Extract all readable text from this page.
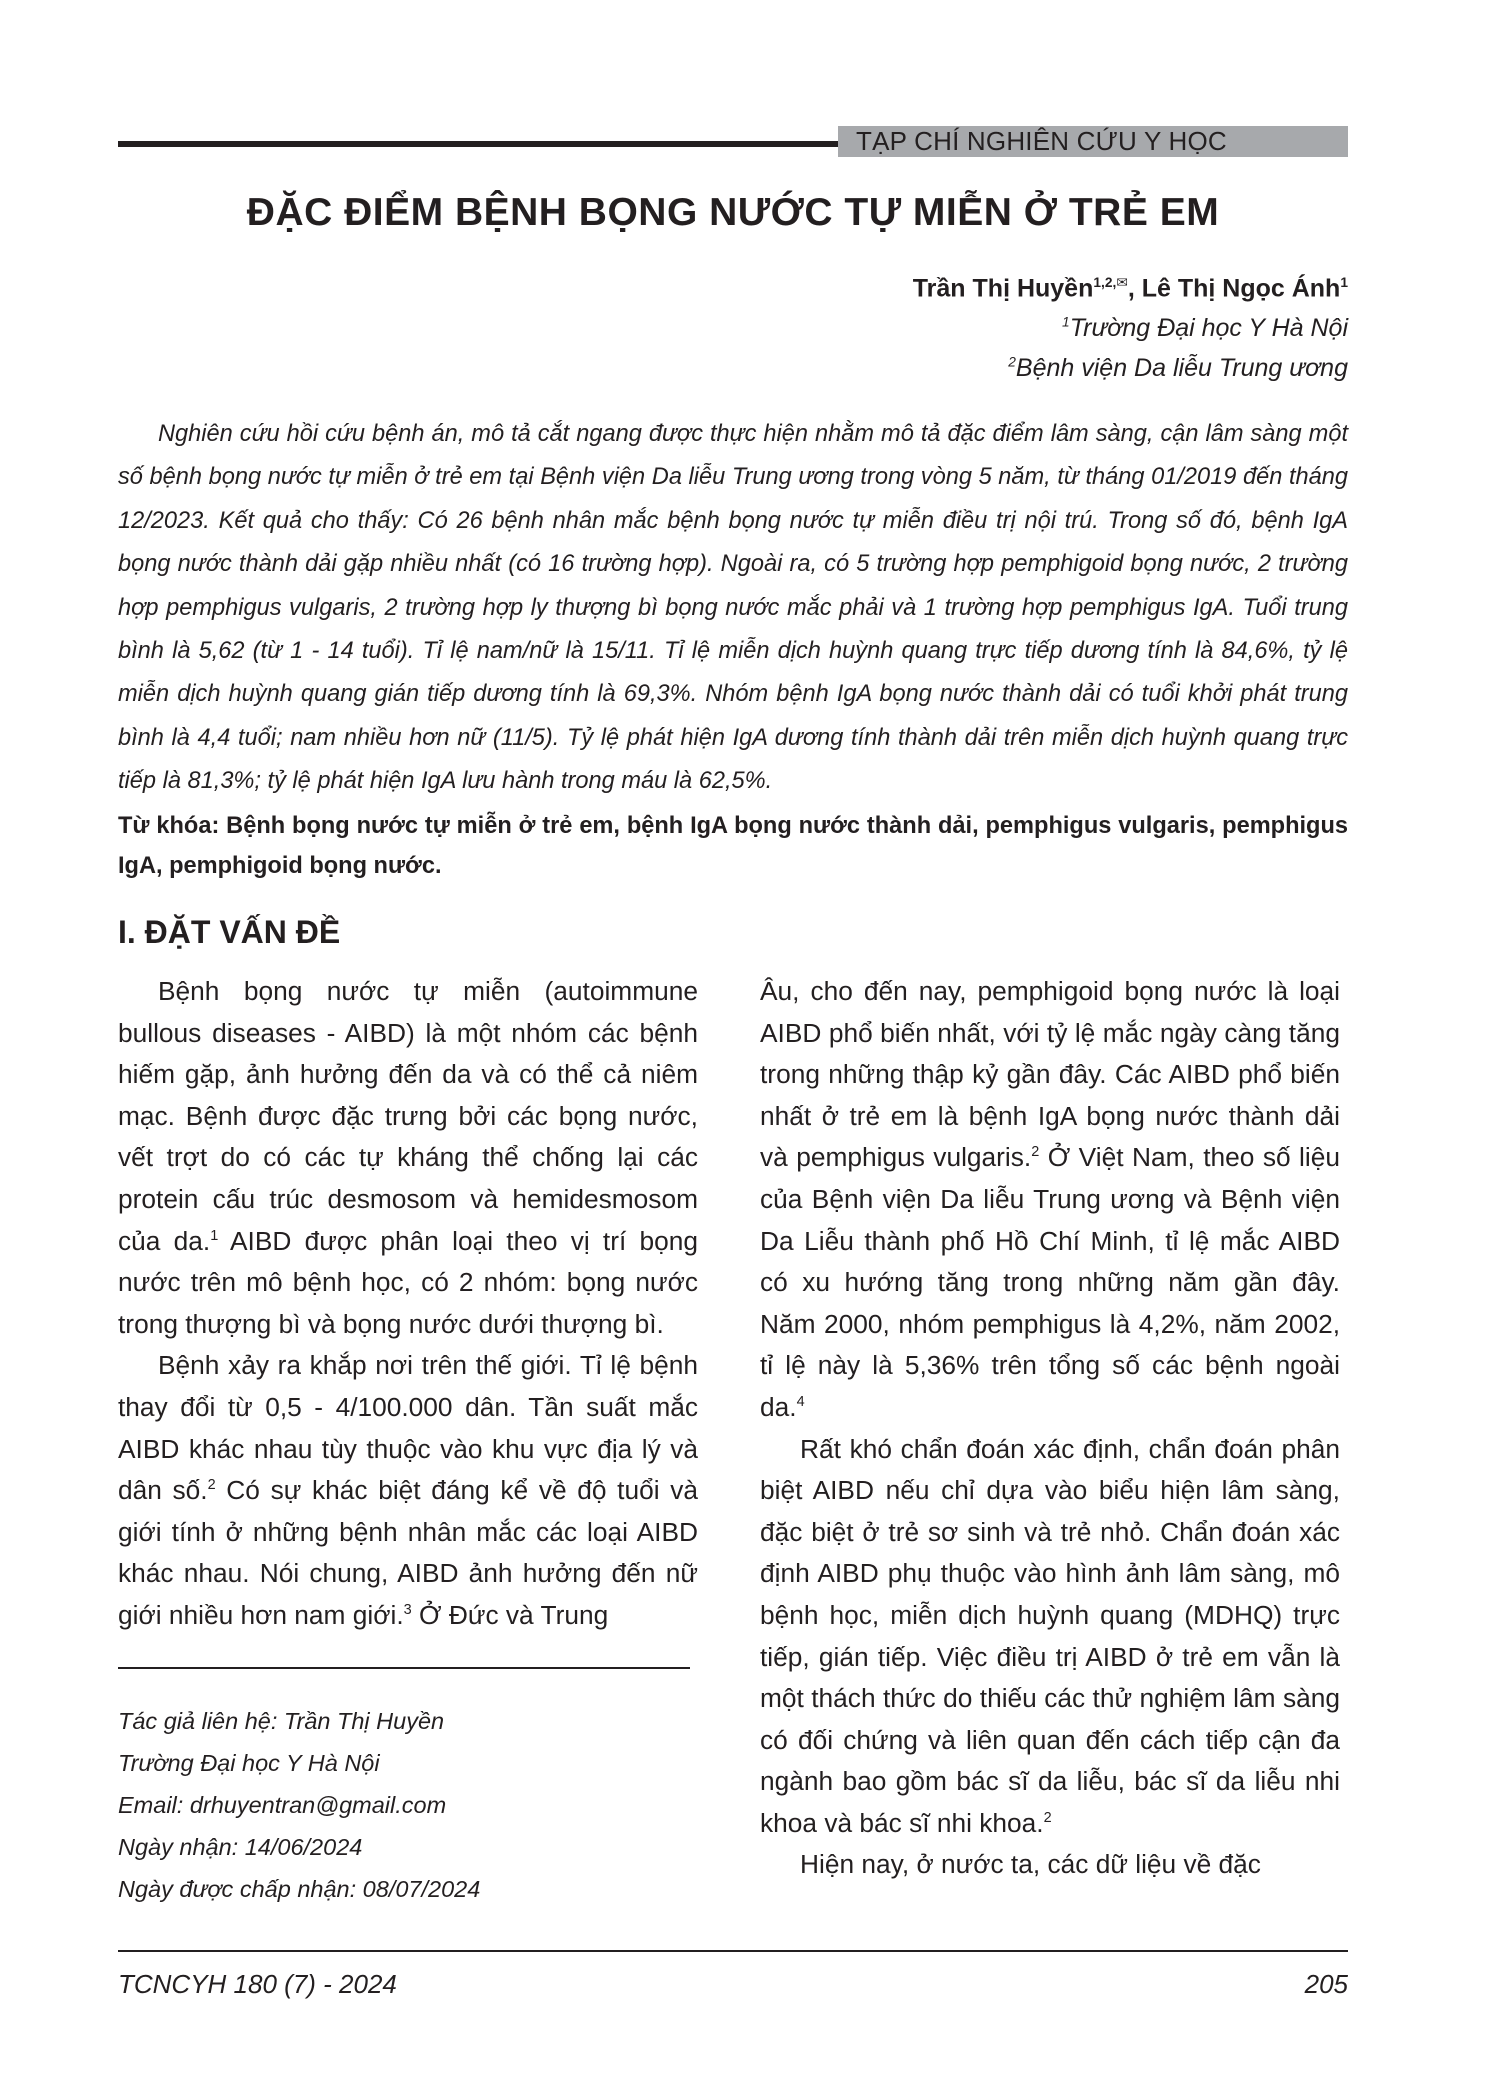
TẠP CHÍ NGHIÊN CỨU Y HỌC
ĐẶC ĐIỂM BỆNH BỌNG NƯỚC TỰ MIỄN Ở TRẺ EM
Trần Thị Huyền$^{1,2,✉}$, Lê Thị Ngọc Ánh$^1$
$^1$Trường Đại học Y Hà Nội
$^2$Bệnh viện Da liễu Trung ương

Nghiên cứu hồi cứu bệnh án, mô tả cắt ngang được thực hiện nhằm mô tả đặc điểm lâm sàng, cận lâm sàng một số bệnh bọng nước tự miễn ở trẻ em tại Bệnh viện Da liễu Trung ương trong vòng 5 năm, từ tháng 01/2019 đến tháng 12/2023. Kết quả cho thấy: Có 26 bệnh nhân mắc bệnh bọng nước tự miễn điều trị nội trú. Trong số đó, bệnh IgA bọng nước thành dải gặp nhiều nhất (có 16 trường hợp). Ngoài ra, có 5 trường hợp pemphigoid bọng nước, 2 trường hợp pemphigus vulgaris, 2 trường hợp ly thượng bì bọng nước mắc phải và 1 trường hợp pemphigus IgA. Tuổi trung bình là 5,62 (từ 1 - 14 tuổi). Tỉ lệ nam/nữ là 15/11. Tỉ lệ miễn dịch huỳnh quang trực tiếp dương tính là 84,6%, tỷ lệ miễn dịch huỳnh quang gián tiếp dương tính là 69,3%. Nhóm bệnh IgA bọng nước thành dải có tuổi khởi phát trung bình là 4,4 tuổi; nam nhiều hơn nữ (11/5). Tỷ lệ phát hiện IgA dương tính thành dải trên miễn dịch huỳnh quang trực tiếp là 81,3%; tỷ lệ phát hiện IgA lưu hành trong máu là 62,5%.

Từ khóa: Bệnh bọng nước tự miễn ở trẻ em, bệnh IgA bọng nước thành dải, pemphigus vulgaris, pemphigus IgA, pemphigoid bọng nước.
I. ĐẶT VẤN ĐỀ

Bệnh bọng nước tự miễn (autoimmune bullous diseases - AIBD) là một nhóm các bệnh hiếm gặp, ảnh hưởng đến da và có thể cả niêm mạc. Bệnh được đặc trưng bởi các bọng nước, vết trợt do có các tự kháng thể chống lại các protein cấu trúc desmosom và hemidesmosom của da.$^1$ AIBD được phân loại theo vị trí bọng nước trên mô bệnh học, có 2 nhóm: bọng nước trong thượng bì và bọng nước dưới thượng bì.

Bệnh xảy ra khắp nơi trên thế giới. Tỉ lệ bệnh thay đổi từ 0,5 - 4/100.000 dân. Tần suất mắc AIBD khác nhau tùy thuộc vào khu vực địa lý và dân số.$^2$ Có sự khác biệt đáng kể về độ tuổi và giới tính ở những bệnh nhân mắc các loại AIBD khác nhau. Nói chung, AIBD ảnh hưởng đến nữ giới nhiều hơn nam giới.$^3$ Ở Đức và Trung

Âu, cho đến nay, pemphigoid bọng nước là loại AIBD phổ biến nhất, với tỷ lệ mắc ngày càng tăng trong những thập kỷ gần đây. Các AIBD phổ biến nhất ở trẻ em là bệnh IgA bọng nước thành dải và pemphigus vulgaris.$^2$ Ở Việt Nam, theo số liệu của Bệnh viện Da liễu Trung ương và Bệnh viện Da Liễu thành phố Hồ Chí Minh, tỉ lệ mắc AIBD có xu hướng tăng trong những năm gần đây. Năm 2000, nhóm pemphigus là 4,2%, năm 2002, tỉ lệ này là 5,36% trên tổng số các bệnh ngoài da.$^4$

Rất khó chẩn đoán xác định, chẩn đoán phân biệt AIBD nếu chỉ dựa vào biểu hiện lâm sàng, đặc biệt ở trẻ sơ sinh và trẻ nhỏ. Chẩn đoán xác định AIBD phụ thuộc vào hình ảnh lâm sàng, mô bệnh học, miễn dịch huỳnh quang (MDHQ) trực tiếp, gián tiếp. Việc điều trị AIBD ở trẻ em vẫn là một thách thức do thiếu các thử nghiệm lâm sàng có đối chứng và liên quan đến cách tiếp cận đa ngành bao gồm bác sĩ da liễu, bác sĩ da liễu nhi khoa và bác sĩ nhi khoa.$^2$

Hiện nay, ở nước ta, các dữ liệu về đặc

Tác giả liên hệ: Trần Thị Huyền
Trường Đại học Y Hà Nội
Email: drhuyentran@gmail.com
Ngày nhận: 14/06/2024
Ngày được chấp nhận: 08/07/2024
TCNCYH 180 (7) - 2024	205
